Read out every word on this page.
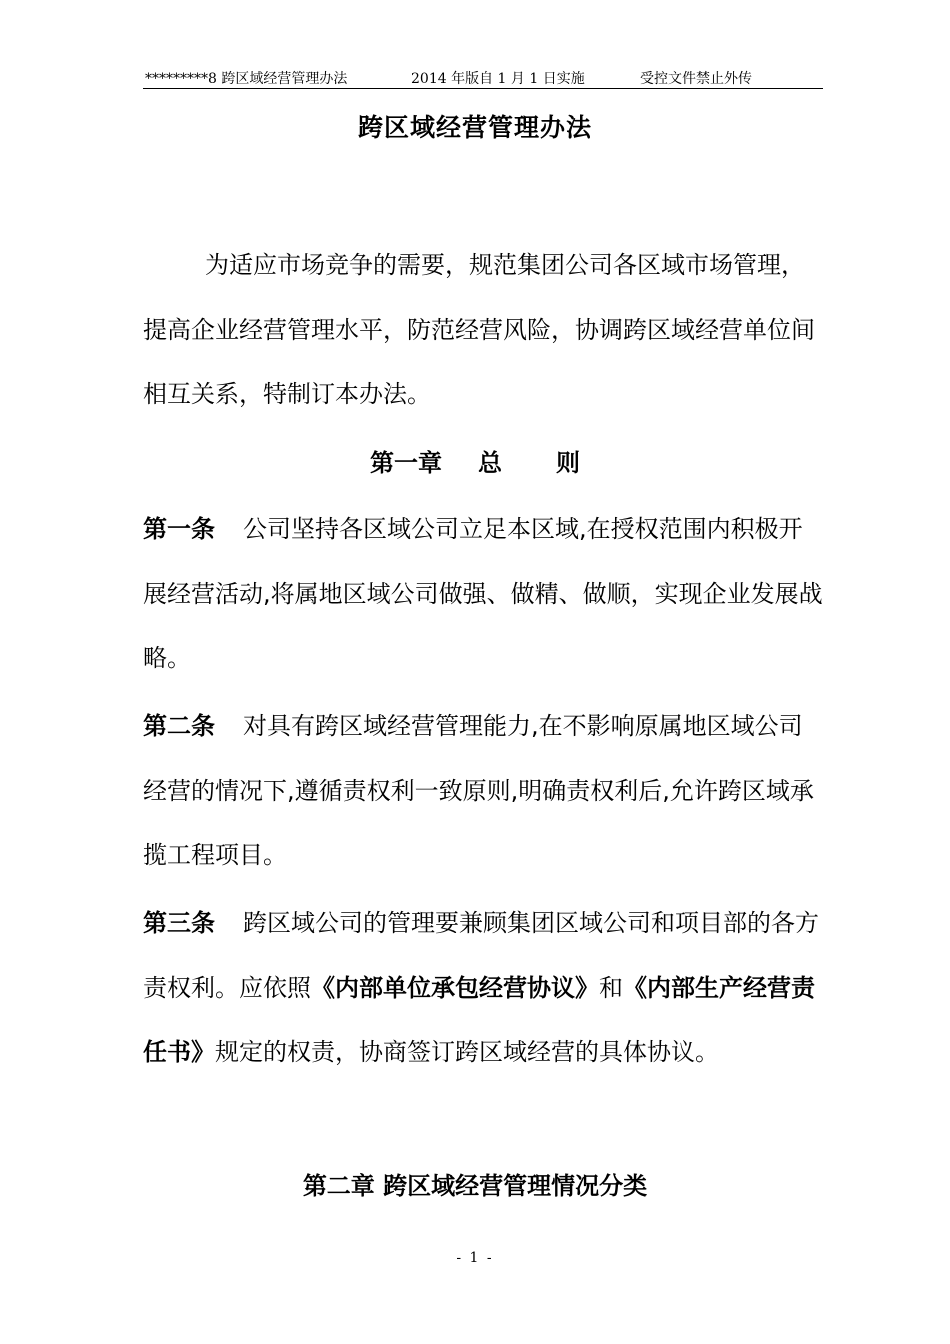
*********8 跨区域经营管理办法	2014 年版自 1 月 1 日实施	受控文件禁止外传
跨区域经营管理办法
为适应市场竞争的需要，规范集团公司各区域市场管理，提高企业经营管理水平，防范经营风险，协调跨区域经营单位间相互关系，特制订本办法。
第一章 总 则
第一条 公司坚持各区域公司立足本区域,在授权范围内积极开展经营活动,将属地区域公司做强、做精、做顺，实现企业发展战略。
第二条 对具有跨区域经营管理能力,在不影响原属地区域公司经营的情况下,遵循责权利一致原则,明确责权利后,允许跨区域承揽工程项目。
第三条 跨区域公司的管理要兼顾集团区域公司和项目部的各方责权利。应依照《内部单位承包经营协议》和《内部生产经营责任书》规定的权责，协商签订跨区域经营的具体协议。
第二章 跨区域经营管理情况分类
- 1 -
